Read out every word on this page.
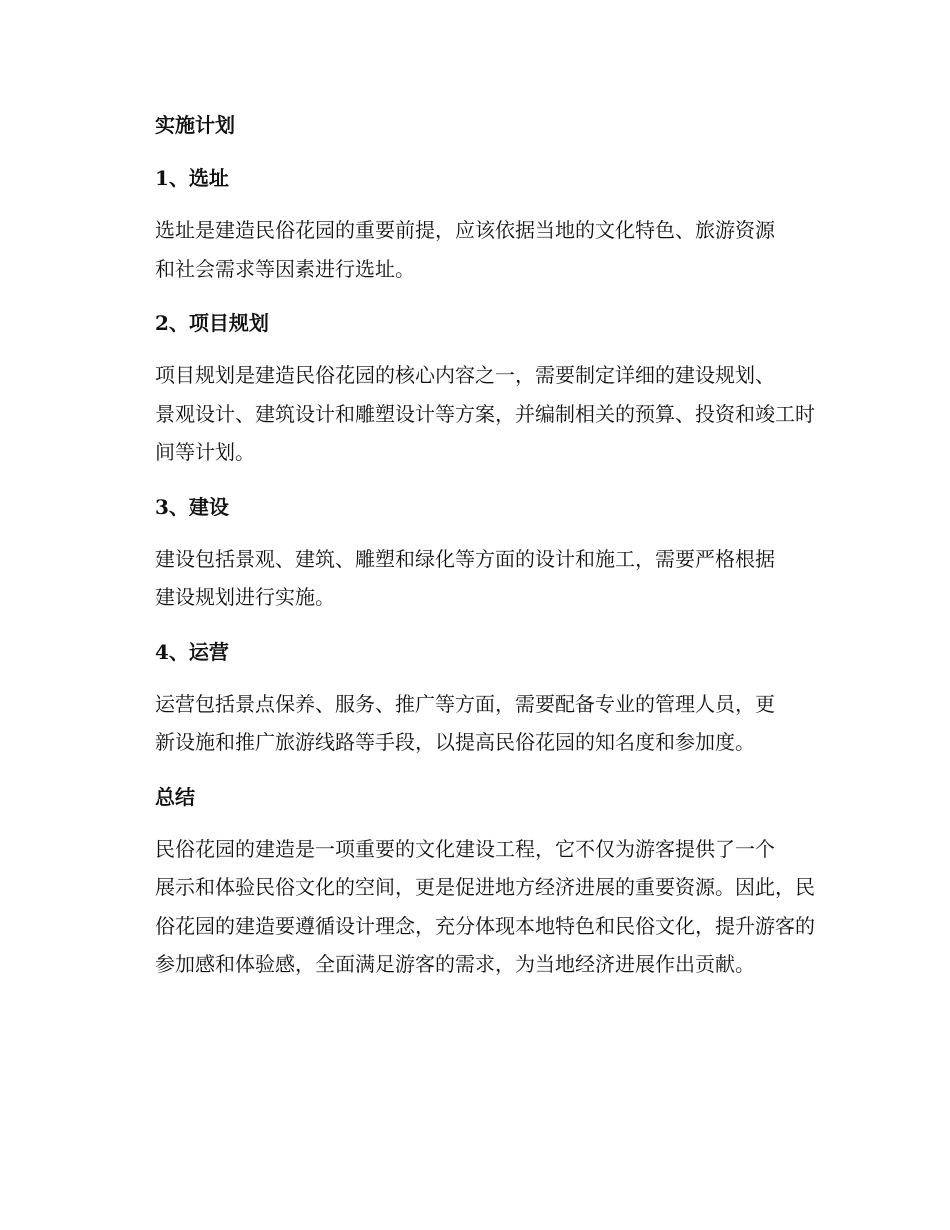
实施计划

1、选址

选址是建造民俗花园的重要前提，应该依据当地的文化特色、旅游资源
和社会需求等因素进行选址。

2、项目规划

项目规划是建造民俗花园的核心内容之一，需要制定详细的建设规划、
景观设计、建筑设计和雕塑设计等方案，并编制相关的预算、投资和竣工时
间等计划。

3、建设

建设包括景观、建筑、雕塑和绿化等方面的设计和施工，需要严格根据
建设规划进行实施。

4、运营

运营包括景点保养、服务、推广等方面，需要配备专业的管理人员，更
新设施和推广旅游线路等手段，以提高民俗花园的知名度和参加度。

总结

民俗花园的建造是一项重要的文化建设工程，它不仅为游客提供了一个
展示和体验民俗文化的空间，更是促进地方经济进展的重要资源。因此，民
俗花园的建造要遵循设计理念，充分体现本地特色和民俗文化，提升游客的
参加感和体验感，全面满足游客的需求，为当地经济进展作出贡献。
